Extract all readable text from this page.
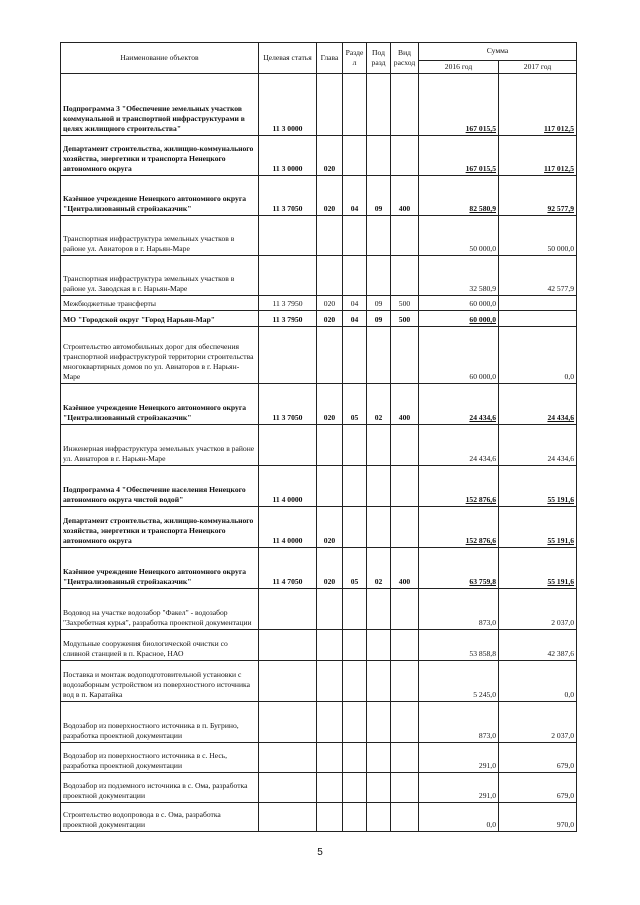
Наименование объектов	Целевая статья	Глава	Разде л	Под разд	Вид расход	Сумма	
						2016 год	2017 год
Подпрограмма 3 "Обеспечение земельных участков коммунальной и транспортной инфраструктурами в целях жилищного строительства"	11 3 0000					167 015,5	117 012,5
Департамент строительства, жилищно-коммунального хозяйства, энергетики и транспорта Ненецкого автономного округа	11 3 0000	020				167 015,5	117 012,5
Казённое учреждение Ненецкого автономного округа "Централизованный стройзаказчик"	11 3 7050	020	04	09	400	82 580,9	92 577,9
Транспортная инфраструктура земельных участков в районе ул. Авиаторов в г. Нарьян-Маре						50 000,0	50 000,0
Транспортная инфраструктура земельных участков в районе ул. Заводская в г. Нарьян-Маре						32 580,9	42 577,9
Межбюджетные трансферты	11 3 7950	020	04	09	500	60 000,0	
МО "Городской округ "Город Нарьян-Мар"	11 3 7950	020	04	09	500	60 000,0	
Строительство автомобильных дорог для обеспечения транспортной инфраструктурой территории строительства многоквартирных домов по ул. Авиаторов в г. Нарьян-Маре						60 000,0	0,0
Казённое учреждение Ненецкого автономного округа "Централизованный стройзаказчик"	11 3 7050	020	05	02	400	24 434,6	24 434,6
Инженерная инфраструктура земельных участков в районе ул. Авиаторов в г. Нарьян-Маре						24 434,6	24 434,6
Подпрограмма 4 "Обеспечение населения Ненецкого автономного округа чистой водой"	11 4 0000					152 876,6	55 191,6
Департамент строительства, жилищно-коммунального хозяйства, энергетики и транспорта Ненецкого автономного округа	11 4 0000	020				152 876,6	55 191,6
Казённое учреждение Ненецкого автономного округа "Централизованный стройзаказчик"	11 4 7050	020	05	02	400	63 759,8	55 191,6
Водовод на участке водозабор "Факел" - водозабор "Захребетная курья", разработка проектной документации						873,0	2 037,0
Модульные сооружения биологической очистки со сливной станцией в п. Красное, НАО						53 858,8	42 387,6
Поставка и монтаж водоподготовительной установки с водозаборным устройством из поверхностного источника вод в п. Каратайка						5 245,0	0,0
Водозабор из поверхностного источника в п. Бугрино, разработка проектной документации						873,0	2 037,0
Водозабор из поверхностного источника в с. Несь, разработка проектной документации						291,0	679,0
Водозабор из подземного источника в с. Ома, разработка проектной документации						291,0	679,0
Строительство водопровода в с. Ома, разработка проектной документации						0,0	970,0
5
